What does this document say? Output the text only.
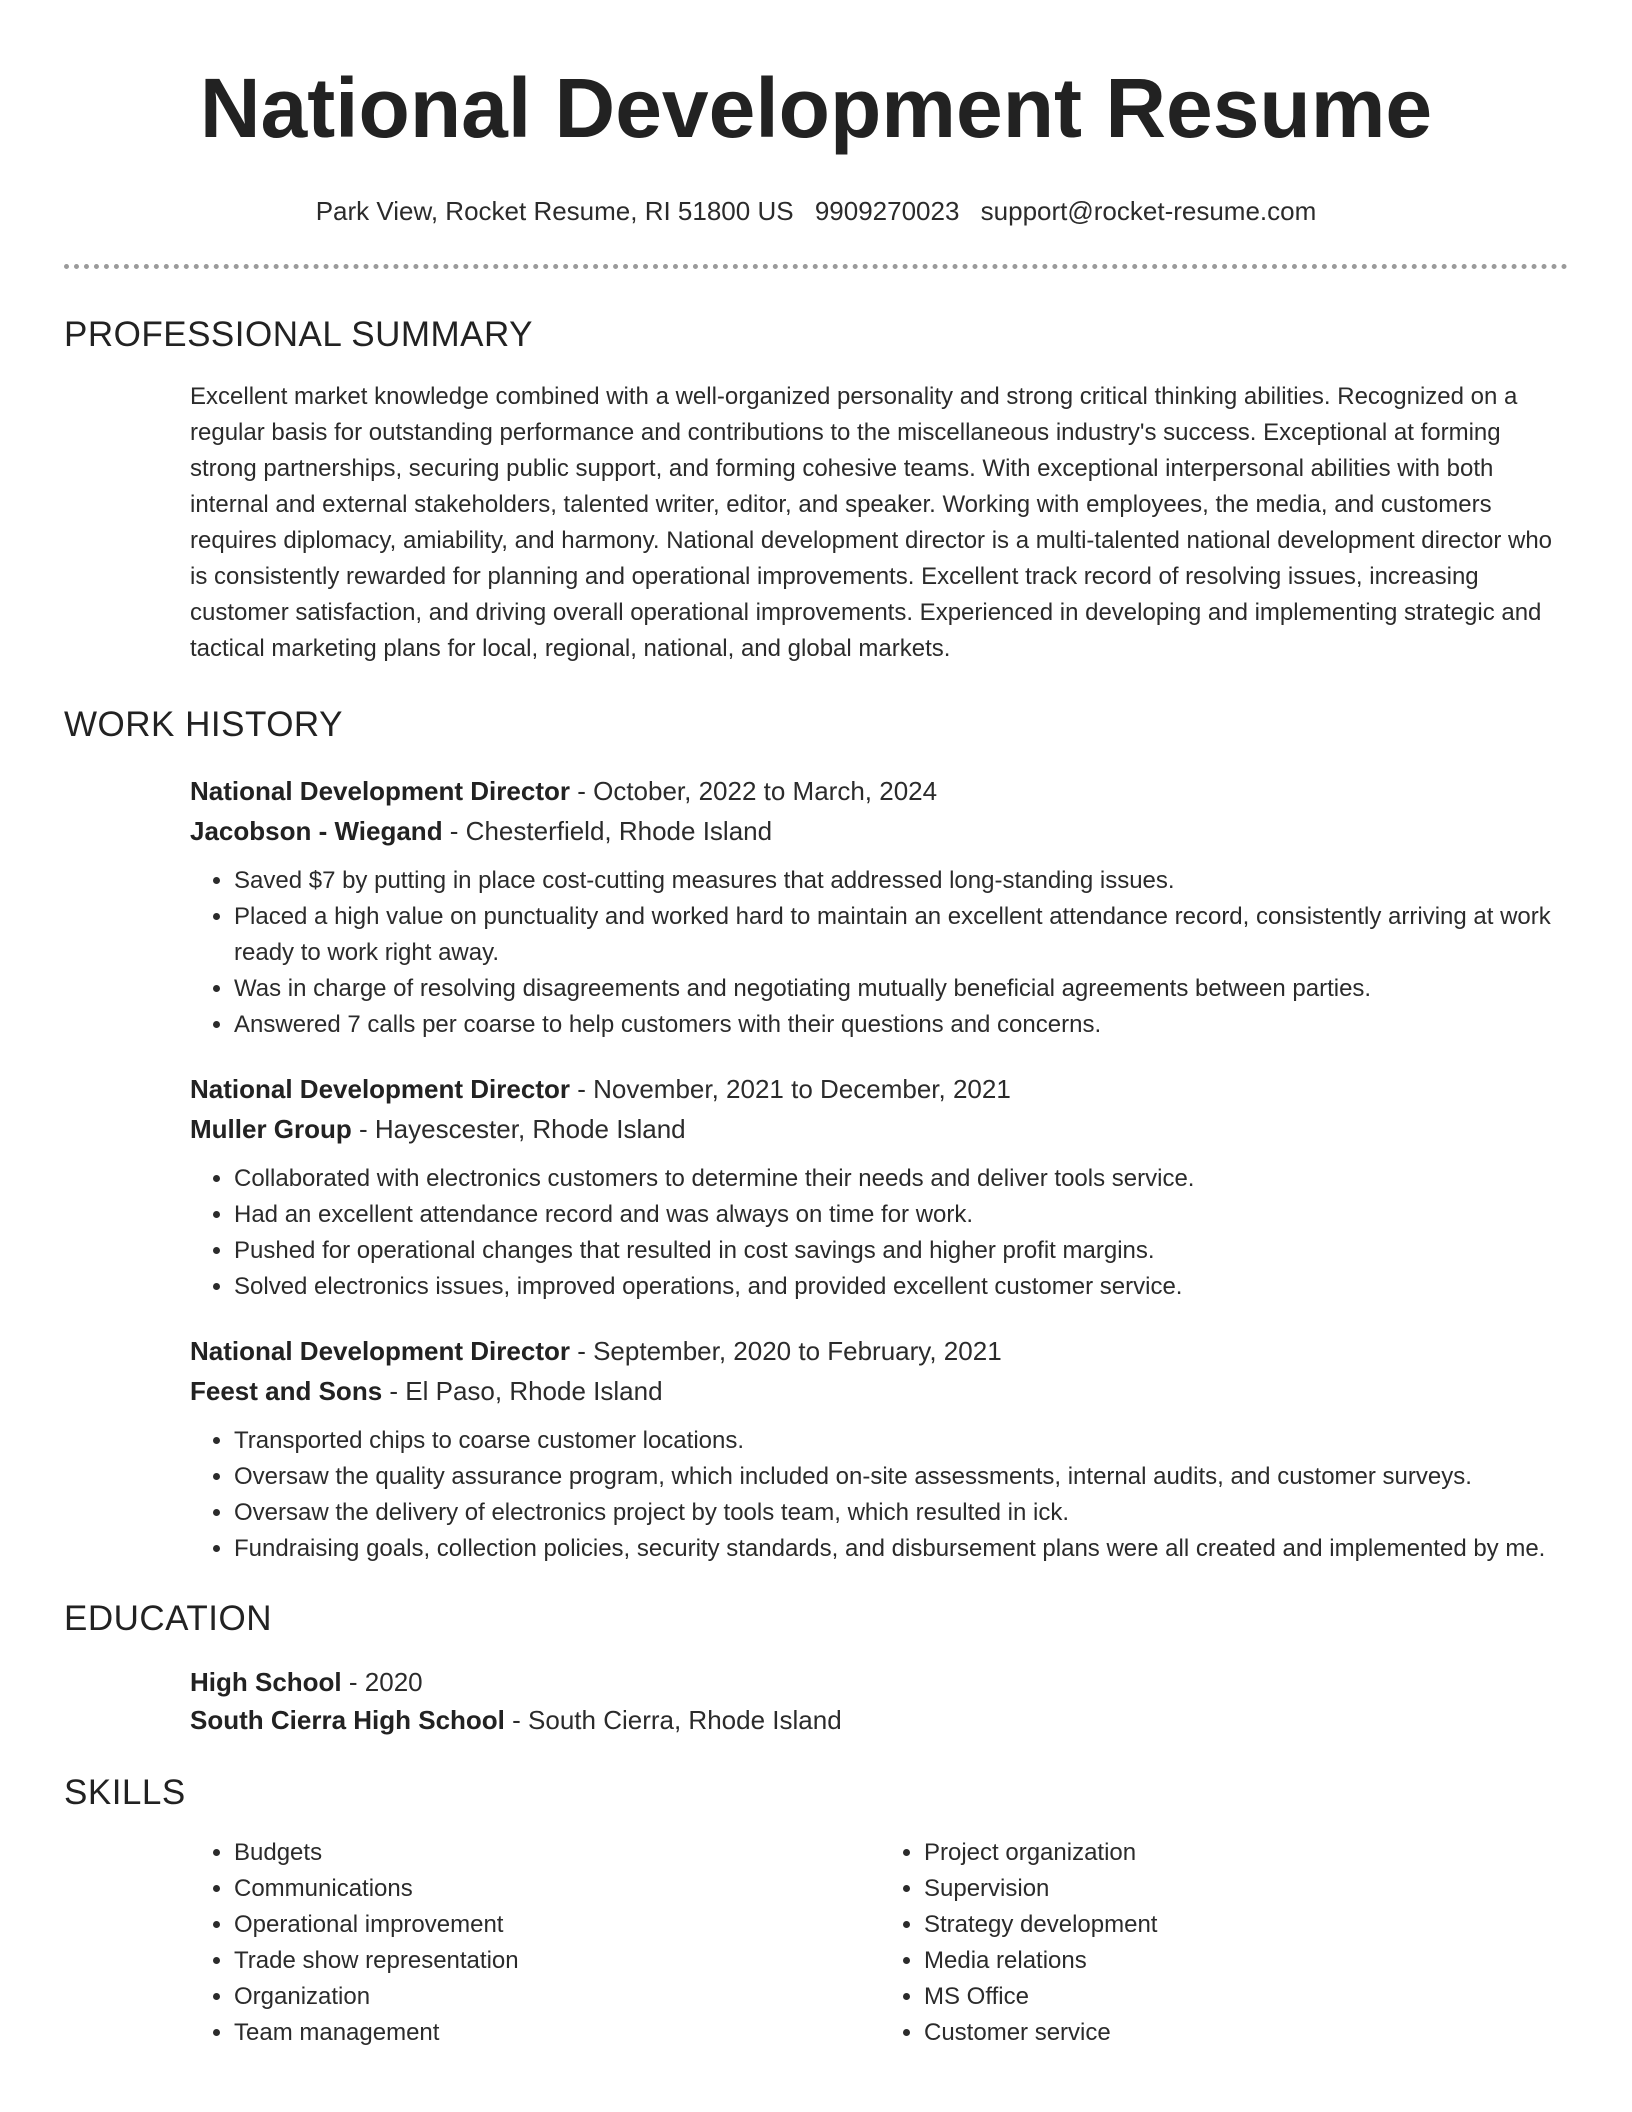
National Development Resume
Park View, Rocket Resume, RI 51800 US 9909270023 support@rocket-resume.com
PROFESSIONAL SUMMARY

Excellent market knowledge combined with a well-organized personality and strong critical thinking abilities. Recognized on a regular basis for outstanding performance and contributions to the miscellaneous industry's success. Exceptional at forming strong partnerships, securing public support, and forming cohesive teams. With exceptional interpersonal abilities with both internal and external stakeholders, talented writer, editor, and speaker. Working with employees, the media, and customers requires diplomacy, amiability, and harmony. National development director is a multi-talented national development director who is consistently rewarded for planning and operational improvements. Excellent track record of resolving issues, increasing customer satisfaction, and driving overall operational improvements. Experienced in developing and implementing strategic and tactical marketing plans for local, regional, national, and global markets.

WORK HISTORY
National Development Director - October, 2022 to March, 2024
Jacobson - Wiegand - Chesterfield, Rhode Island
• Saved $7 by putting in place cost-cutting measures that addressed long-standing issues.
• Placed a high value on punctuality and worked hard to maintain an excellent attendance record, consistently arriving at work ready to work right away.
• Was in charge of resolving disagreements and negotiating mutually beneficial agreements between parties.
• Answered 7 calls per coarse to help customers with their questions and concerns.
National Development Director - November, 2021 to December, 2021
Muller Group - Hayescester, Rhode Island
• Collaborated with electronics customers to determine their needs and deliver tools service.
• Had an excellent attendance record and was always on time for work.
• Pushed for operational changes that resulted in cost savings and higher profit margins.
• Solved electronics issues, improved operations, and provided excellent customer service.
National Development Director - September, 2020 to February, 2021
Feest and Sons - El Paso, Rhode Island
• Transported chips to coarse customer locations.
• Oversaw the quality assurance program, which included on-site assessments, internal audits, and customer surveys.
• Oversaw the delivery of electronics project by tools team, which resulted in ick.
• Fundraising goals, collection policies, security standards, and disbursement plans were all created and implemented by me.
EDUCATION
High School - 2020
South Cierra High School - South Cierra, Rhode Island
SKILLS
• Budgets
• Communications
• Operational improvement
• Trade show representation
• Organization
• Team management
• Project organization
• Supervision
• Strategy development
• Media relations
• MS Office
• Customer service
